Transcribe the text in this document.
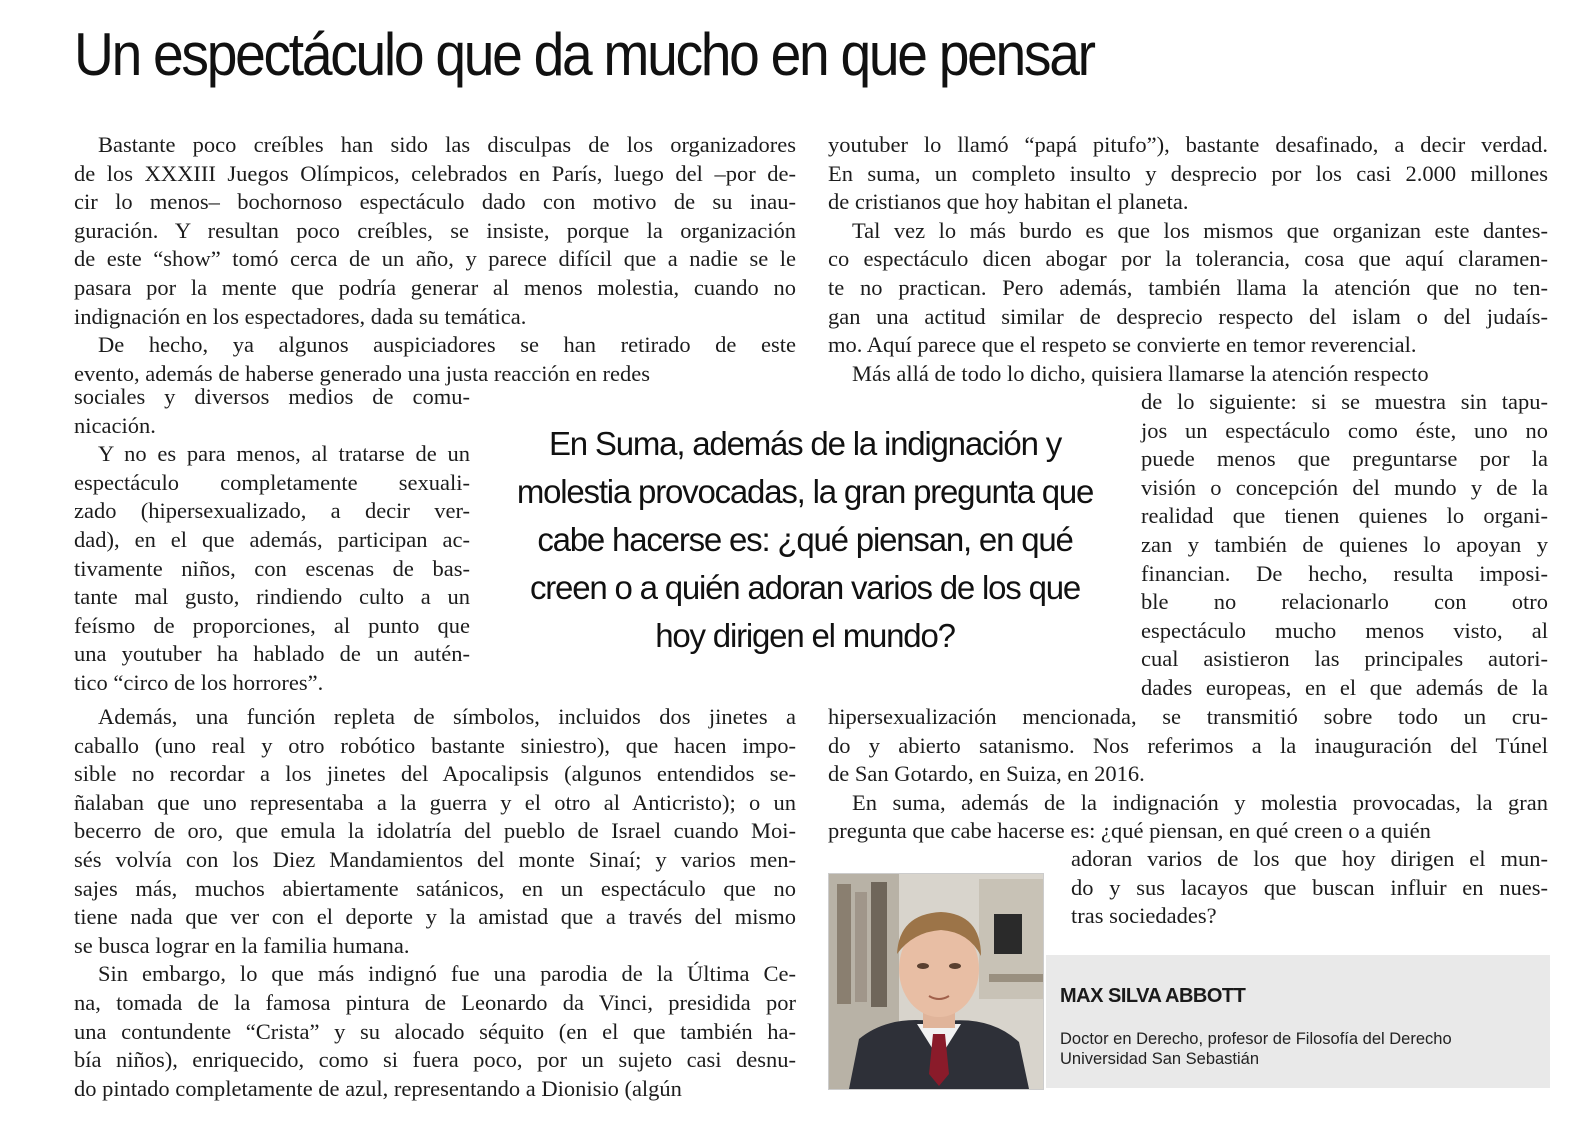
Un espectáculo que da mucho en que pensar
Bastante poco creíbles han sido las disculpas de los organizadores
de los XXXIII Juegos Olímpicos, celebrados en París, luego del –por de-
cir lo menos– bochornoso espectáculo dado con motivo de su inau-
guración. Y resultan poco creíbles, se insiste, porque la organización
de este “show” tomó cerca de un año, y parece difícil que a nadie se le
pasara por la mente que podría generar al menos molestia, cuando no
indignación en los espectadores, dada su temática.
De hecho, ya algunos auspiciadores se han retirado de este
evento, además de haberse generado una justa reacción en redes
sociales y diversos medios de comu-
nicación.
Y no es para menos, al tratarse de un
espectáculo completamente sexuali-
zado (hipersexualizado, a decir ver-
dad), en el que además, participan ac-
tivamente niños, con escenas de bas-
tante mal gusto, rindiendo culto a un
feísmo de proporciones, al punto que
una youtuber ha hablado de un autén-
tico “circo de los horrores”.
Además, una función repleta de símbolos, incluidos dos jinetes a
caballo (uno real y otro robótico bastante siniestro), que hacen impo-
sible no recordar a los jinetes del Apocalipsis (algunos entendidos se-
ñalaban que uno representaba a la guerra y el otro al Anticristo); o un
becerro de oro, que emula la idolatría del pueblo de Israel cuando Moi-
sés volvía con los Diez Mandamientos del monte Sinaí; y varios men-
sajes más, muchos abiertamente satánicos, en un espectáculo que no
tiene nada que ver con el deporte y la amistad que a través del mismo
se busca lograr en la familia humana.
Sin embargo, lo que más indignó fue una parodia de la Última Ce-
na, tomada de la famosa pintura de Leonardo da Vinci, presidida por
una contundente “Crista” y su alocado séquito (en el que también ha-
bía niños), enriquecido, como si fuera poco, por un sujeto casi desnu-
do pintado completamente de azul, representando a Dionisio (algún
youtuber lo llamó “papá pitufo”), bastante desafinado, a decir verdad.
En suma, un completo insulto y desprecio por los casi 2.000 millones
de cristianos que hoy habitan el planeta.
Tal vez lo más burdo es que los mismos que organizan este dantes-
co espectáculo dicen abogar por la tolerancia, cosa que aquí claramen-
te no practican. Pero además, también llama la atención que no ten-
gan una actitud similar de desprecio respecto del islam o del judaís-
mo. Aquí parece que el respeto se convierte en temor reverencial.
Más allá de todo lo dicho, quisiera llamarse la atención respecto
de lo siguiente: si se muestra sin tapu-
jos un espectáculo como éste, uno no
puede menos que preguntarse por la
visión o concepción del mundo y de la
realidad que tienen quienes lo organi-
zan y también de quienes lo apoyan y
financian. De hecho, resulta imposi-
ble no relacionarlo con otro
espectáculo mucho menos visto, al
cual asistieron las principales autori-
dades europeas, en el que además de la
hipersexualización mencionada, se transmitió sobre todo un cru-
do y abierto satanismo. Nos referimos a la inauguración del Túnel
de San Gotardo, en Suiza, en 2016.
En suma, además de la indignación y molestia provocadas, la gran
pregunta que cabe hacerse es: ¿qué piensan, en qué creen o a quién
adoran varios de los que hoy dirigen el mun-
do y sus lacayos que buscan influir en nues-
tras sociedades?
En Suma, además de la indignación y molestia provocadas, la gran pregunta que cabe hacerse es: ¿qué piensan, en qué creen o a quién adoran varios de los que hoy dirigen el mundo?
MAX SILVA ABBOTT
Doctor en Derecho, profesor de Filosofía del Derecho
Universidad San Sebastián
